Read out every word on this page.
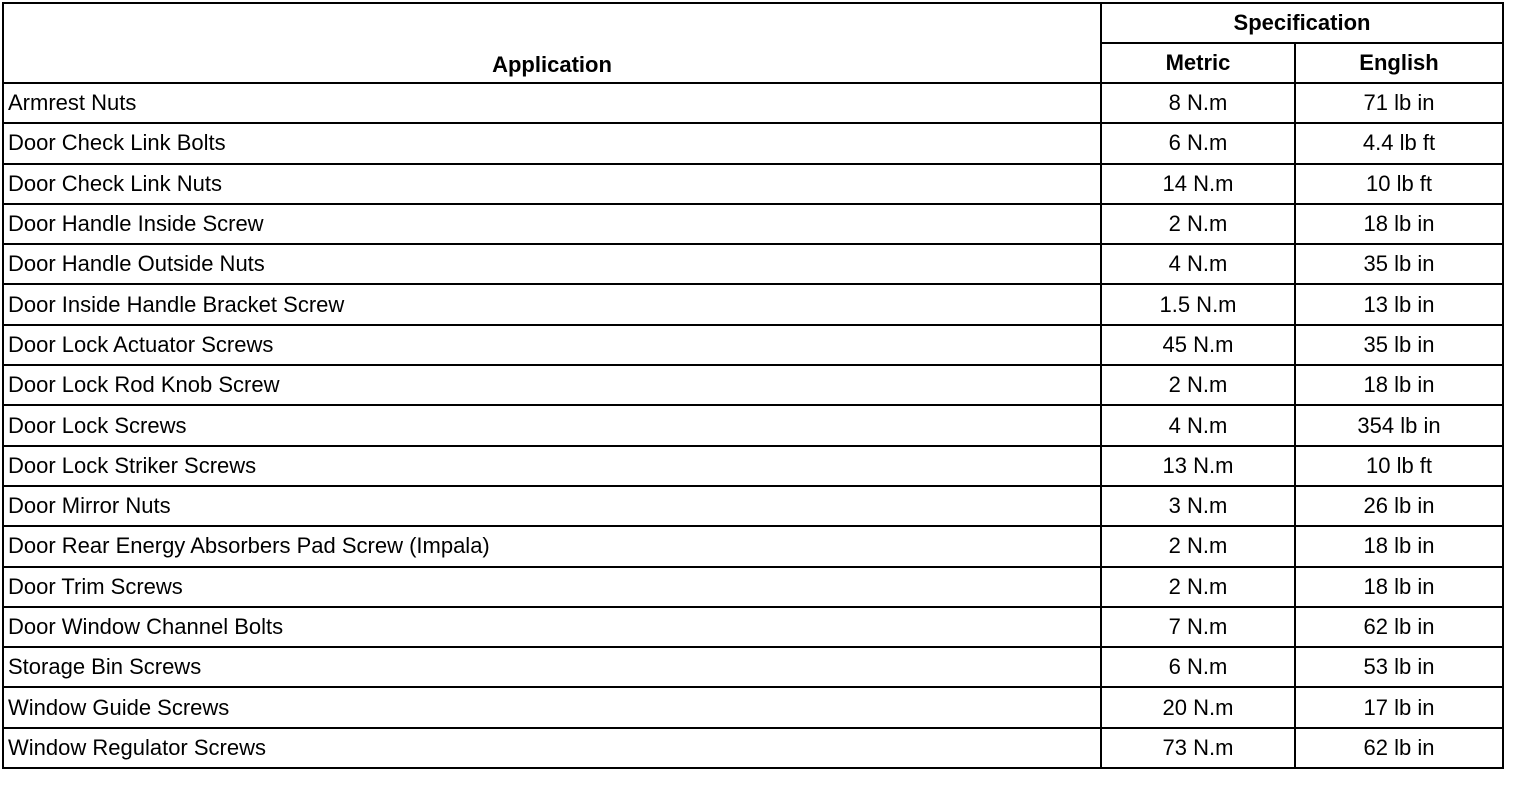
Application	Specification	
	Metric	English
Armrest Nuts	8 N.m	71 lb in
Door Check Link Bolts	6 N.m	4.4 lb ft
Door Check Link Nuts	14 N.m	10 lb ft
Door Handle Inside Screw	2 N.m	18 lb in
Door Handle Outside Nuts	4 N.m	35 lb in
Door Inside Handle Bracket Screw	1.5 N.m	13 lb in
Door Lock Actuator Screws	45 N.m	35 lb in
Door Lock Rod Knob Screw	2 N.m	18 lb in
Door Lock Screws	4 N.m	354 lb in
Door Lock Striker Screws	13 N.m	10 lb ft
Door Mirror Nuts	3 N.m	26 lb in
Door Rear Energy Absorbers Pad Screw (Impala)	2 N.m	18 lb in
Door Trim Screws	2 N.m	18 lb in
Door Window Channel Bolts	7 N.m	62 lb in
Storage Bin Screws	6 N.m	53 lb in
Window Guide Screws	20 N.m	17 lb in
Window Regulator Screws	73 N.m	62 lb in
